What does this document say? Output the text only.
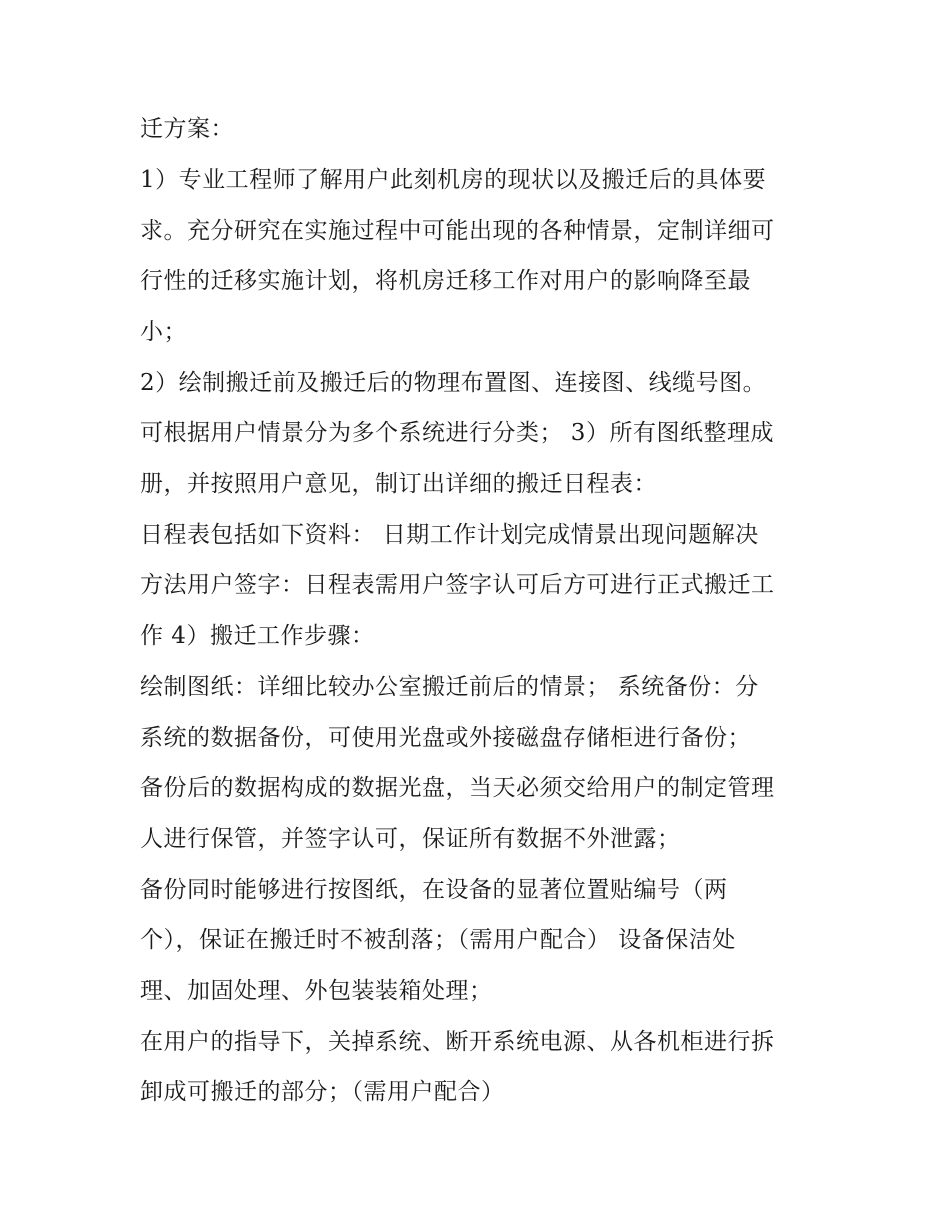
迁方案：

1）专业工程师了解用户此刻机房的现状以及搬迁后的具体要

求。充分研究在实施过程中可能出现的各种情景，定制详细可

行性的迁移实施计划，将机房迁移工作对用户的影响降至最

小；

2）绘制搬迁前及搬迁后的物理布置图、连接图、线缆号图。

可根据用户情景分为多个系统进行分类； 3）所有图纸整理成

册，并按照用户意见，制订出详细的搬迁日程表：

日程表包括如下资料： 日期工作计划完成情景出现问题解决

方法用户签字：日程表需用户签字认可后方可进行正式搬迁工

作 4）搬迁工作步骤：

绘制图纸：详细比较办公室搬迁前后的情景； 系统备份：分

系统的数据备份，可使用光盘或外接磁盘存储柜进行备份；

备份后的数据构成的数据光盘，当天必须交给用户的制定管理

人进行保管，并签字认可，保证所有数据不外泄露；

备份同时能够进行按图纸，在设备的显著位置贴编号（两

个），保证在搬迁时不被刮落；（需用户配合） 设备保洁处

理、加固处理、外包装装箱处理；

在用户的指导下，关掉系统、断开系统电源、从各机柜进行拆

卸成可搬迁的部分；（需用户配合）
